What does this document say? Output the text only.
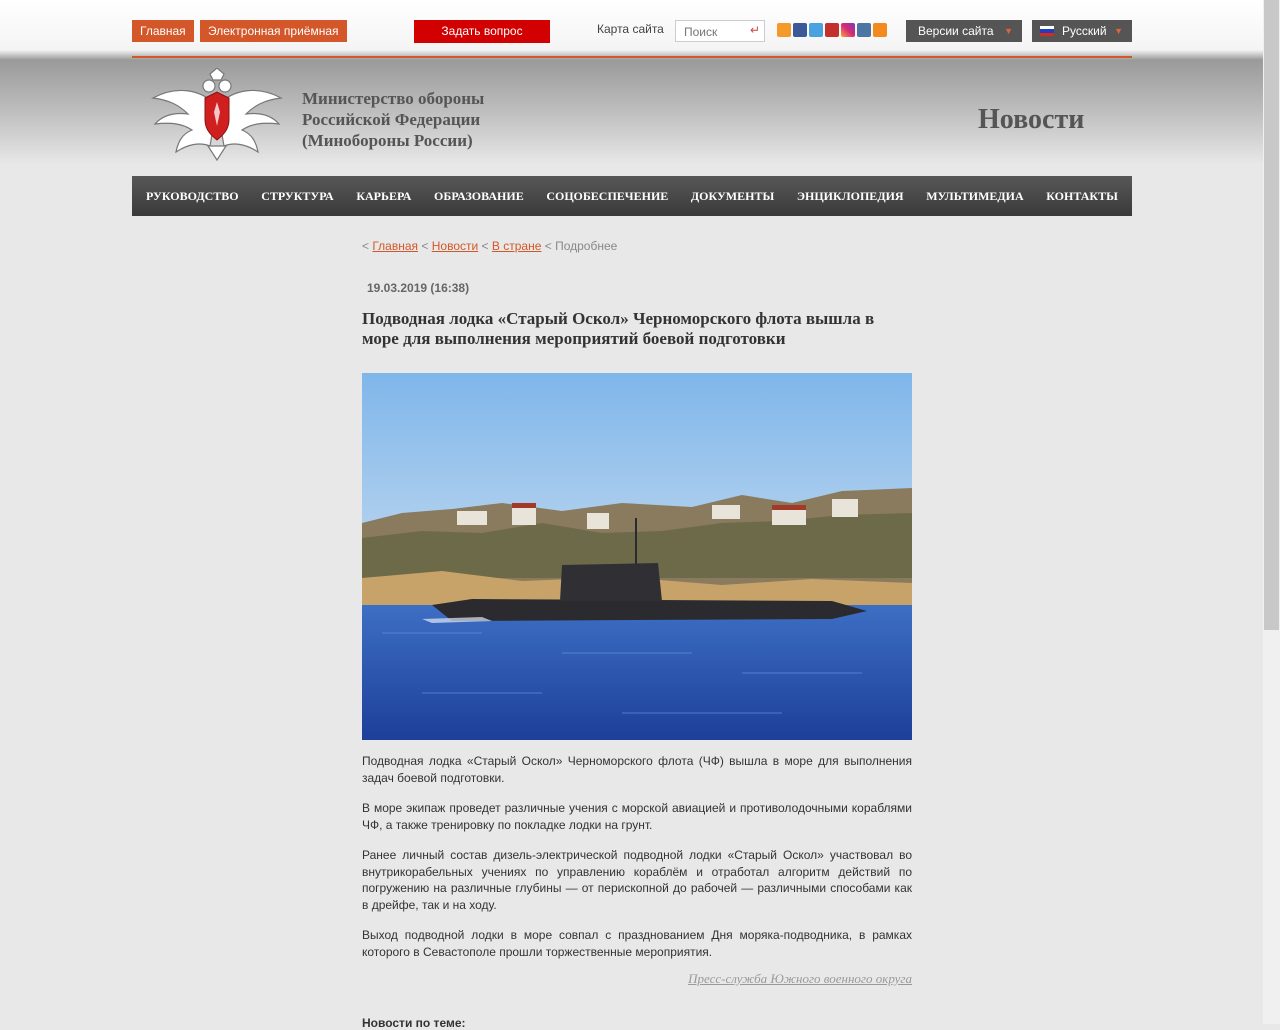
Главная	Электронная приёмная	Задать вопрос	Карта сайта
Поиск	↵	Версии сайта ▼	Русский ▼
Министерство обороны
Российской Федерации
(Минобороны России)
Новости
РУКОВОДСТВО СТРУКТУРА КАРЬЕРА ОБРАЗОВАНИЕ СОЦОБЕСПЕЧЕНИЕ ДОКУМЕНТЫ ЭНЦИКЛОПЕДИЯ МУЛЬТИМЕДИА КОНТАКТЫ
< Главная < Новости < В стране < Подробнее
19.03.2019 (16:38)
Подводная лодка «Старый Оскол» Черноморского флота вышла в море для выполнения мероприятий боевой подготовки

Подводная лодка «Старый Оскол» Черноморского флота (ЧФ) вышла в море для выполнения задач боевой подготовки.

В море экипаж проведет различные учения с морской авиацией и противолодочными кораблями ЧФ, а также тренировку по покладке лодки на грунт.

Ранее личный состав дизель-электрической подводной лодки «Старый Оскол» участвовал во внутрикорабельных учениях по управлению кораблём и отработал алгоритм действий по погружению на различные глубины — от перископной до рабочей — различными способами как в дрейфе, так и на ходу.

Выход подводной лодки в море совпал с празднованием Дня моряка-подводника, в рамках которого в Севастополе прошли торжественные мероприятия.

Пресс-служба Южного военного округа
Новости по теме:
